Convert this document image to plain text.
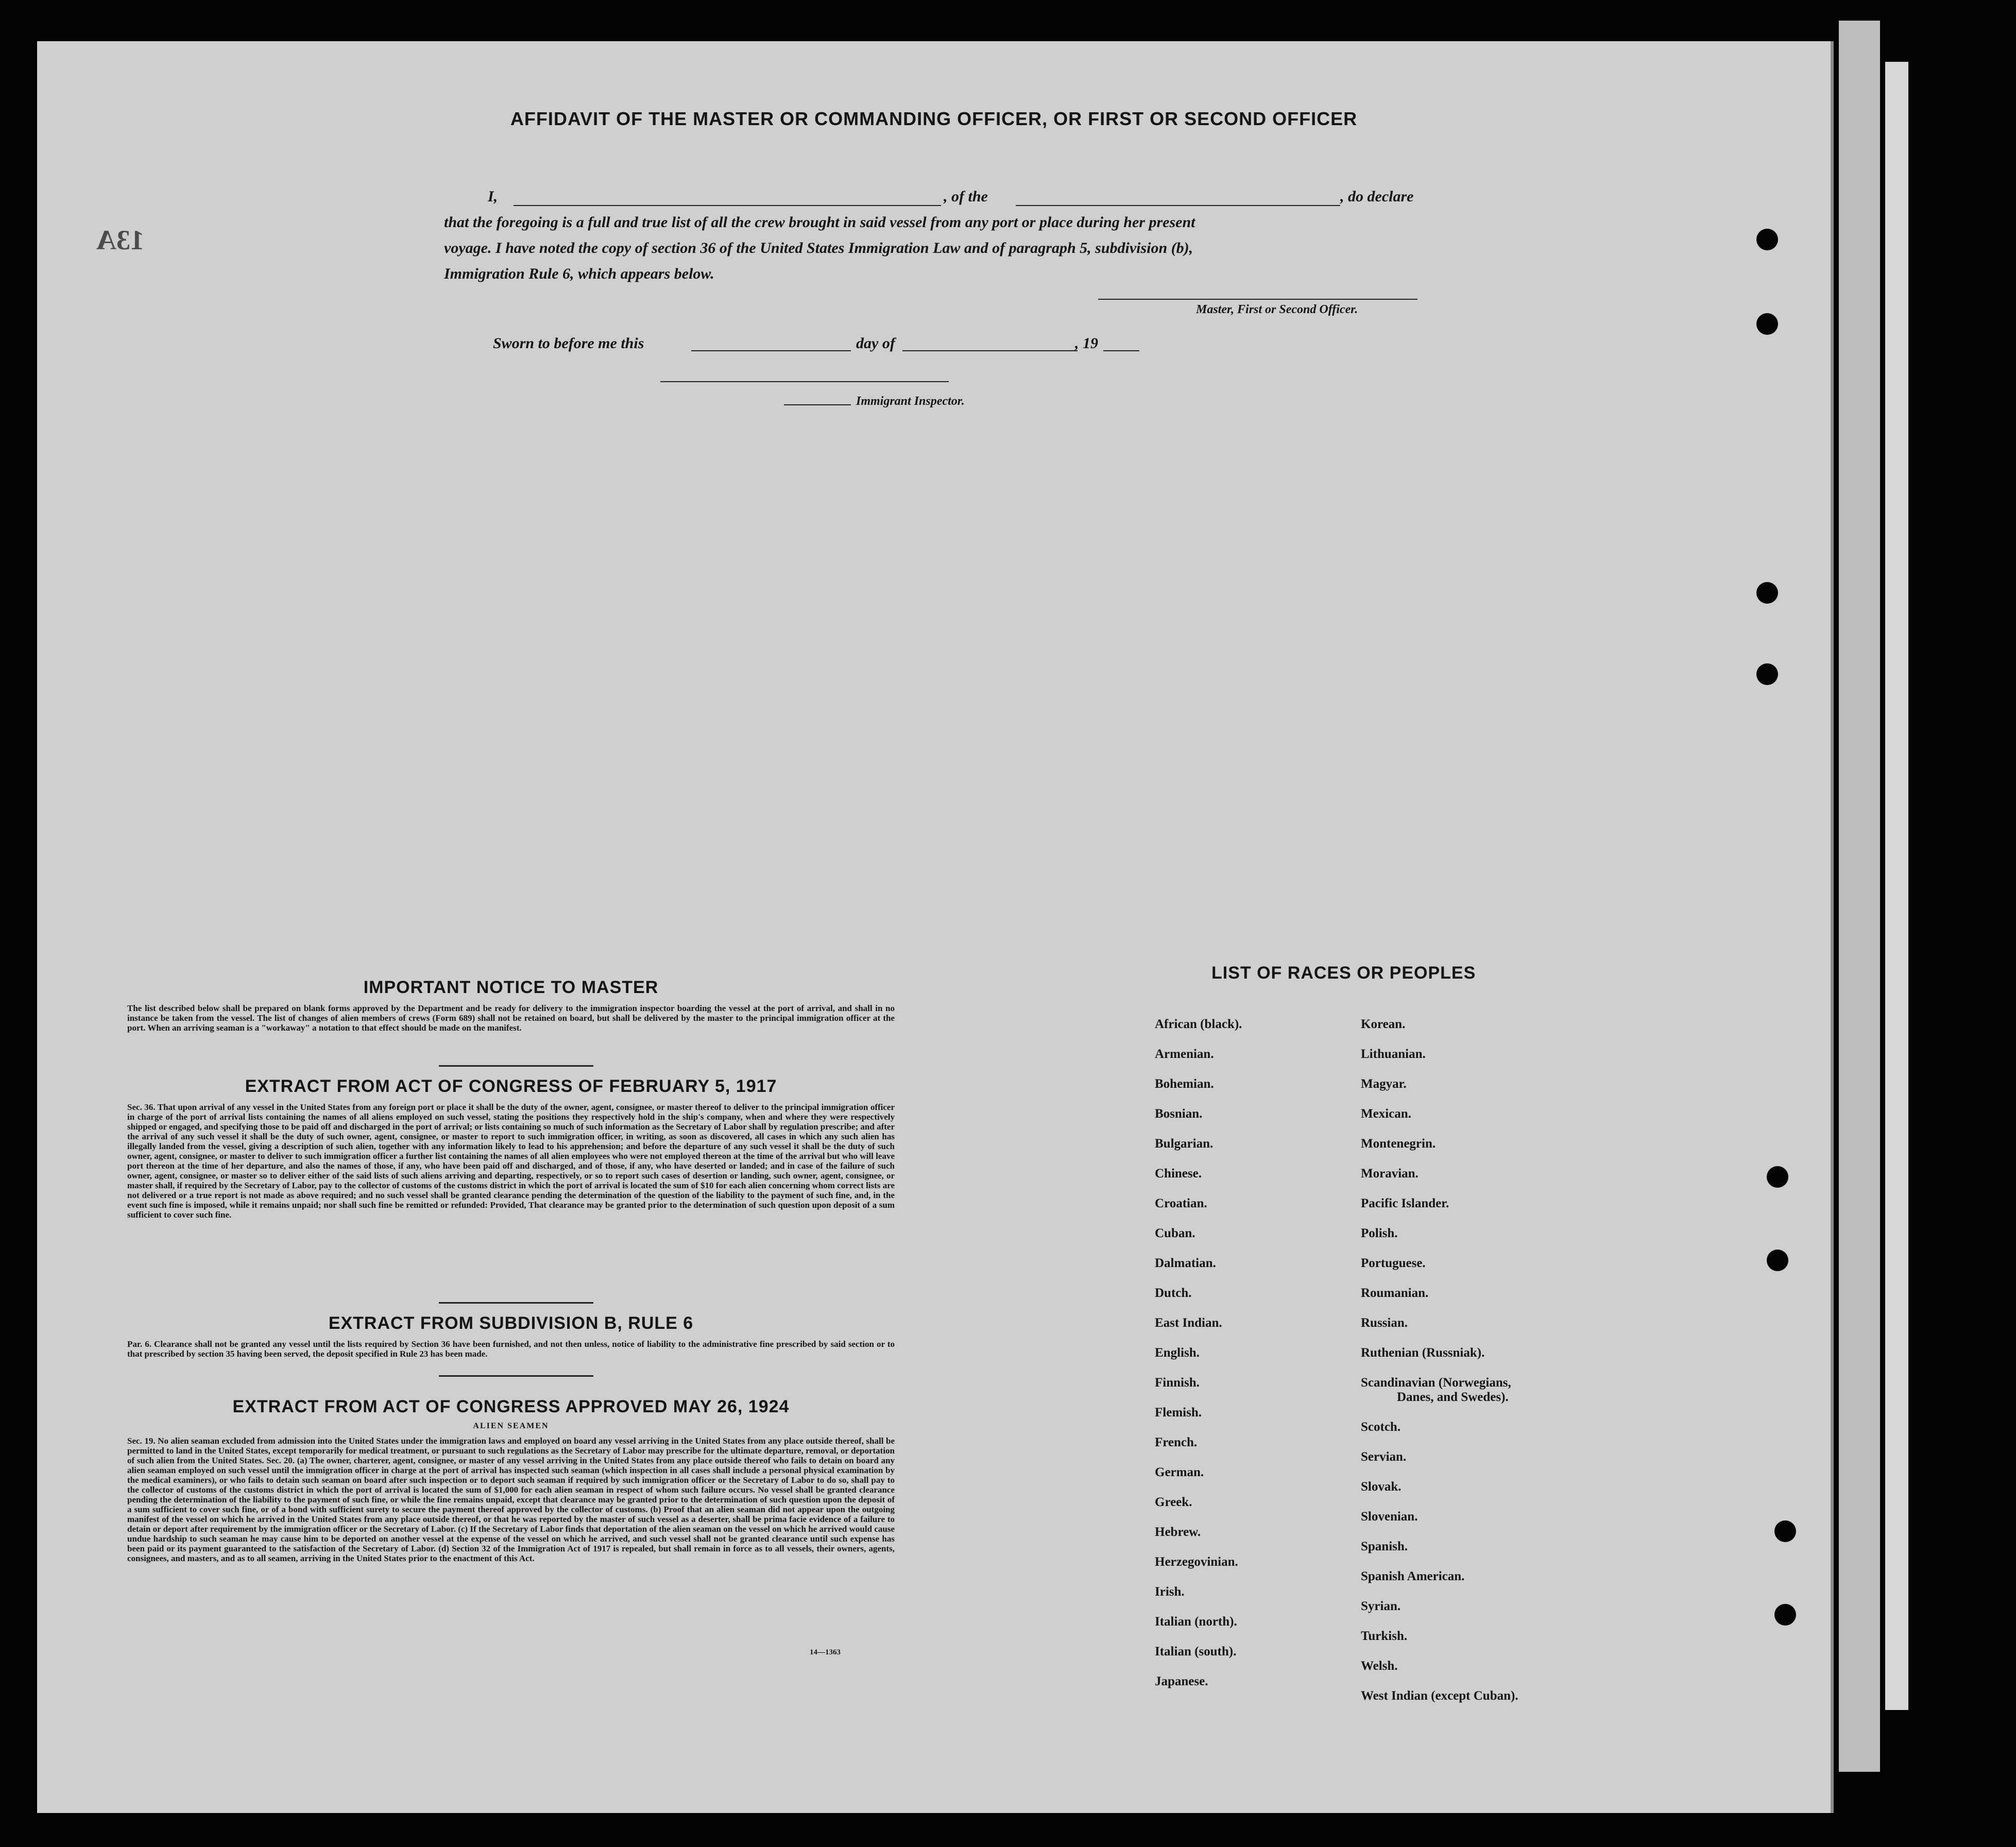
13A
AFFIDAVIT OF THE MASTER OR COMMANDING OFFICER, OR FIRST OR SECOND OFFICER
I,	, of the	, do declare
that the foregoing is a full and true list of all the crew brought in said vessel from any port or place during her present
voyage. I have noted the copy of section 36 of the United States Immigration Law and of paragraph 5, subdivision (b),
Immigration Rule 6, which appears below.
Master, First or Second Officer.
Sworn to before me this	day of	, 19
Immigrant Inspector.
IMPORTANT NOTICE TO MASTER
The list described below shall be prepared on blank forms approved by the Department and be ready for delivery to the immigration inspector boarding the vessel at the port of arrival, and shall in no instance be taken from the vessel. The list of changes of alien members of crews (Form 689) shall not be retained on board, but shall be delivered by the master to the principal immigration officer at the port. When an arriving seaman is a "workaway" a notation to that effect should be made on the manifest.
EXTRACT FROM ACT OF CONGRESS OF FEBRUARY 5, 1917
Sec. 36. That upon arrival of any vessel in the United States from any foreign port or place it shall be the duty of the owner, agent, consignee, or master thereof to deliver to the principal immigration officer in charge of the port of arrival lists containing the names of all aliens employed on such vessel, stating the positions they respectively hold in the ship's company, when and where they were respectively shipped or engaged, and specifying those to be paid off and discharged in the port of arrival; or lists containing so much of such information as the Secretary of Labor shall by regulation prescribe; and after the arrival of any such vessel it shall be the duty of such owner, agent, consignee, or master to report to such immigration officer, in writing, as soon as discovered, all cases in which any such alien has illegally landed from the vessel, giving a description of such alien, together with any information likely to lead to his apprehension; and before the departure of any such vessel it shall be the duty of such owner, agent, consignee, or master to deliver to such immigration officer a further list containing the names of all alien employees who were not employed thereon at the time of the arrival but who will leave port thereon at the time of her departure, and also the names of those, if any, who have been paid off and discharged, and of those, if any, who have deserted or landed; and in case of the failure of such owner, agent, consignee, or master so to deliver either of the said lists of such aliens arriving and departing, respectively, or so to report such cases of desertion or landing, such owner, agent, consignee, or master shall, if required by the Secretary of Labor, pay to the collector of customs of the customs district in which the port of arrival is located the sum of $10 for each alien concerning whom correct lists are not delivered or a true report is not made as above required; and no such vessel shall be granted clearance pending the determination of the question of the liability to the payment of such fine, and, in the event such fine is imposed, while it remains unpaid; nor shall such fine be remitted or refunded: Provided, That clearance may be granted prior to the determination of such question upon deposit of a sum sufficient to cover such fine.
EXTRACT FROM SUBDIVISION B, RULE 6
Par. 6. Clearance shall not be granted any vessel until the lists required by Section 36 have been furnished, and not then unless, notice of liability to the administrative fine prescribed by said section or to that prescribed by section 35 having been served, the deposit specified in Rule 23 has been made.
EXTRACT FROM ACT OF CONGRESS APPROVED MAY 26, 1924
ALIEN SEAMEN
Sec. 19. No alien seaman excluded from admission into the United States under the immigration laws and employed on board any vessel arriving in the United States from any place outside thereof, shall be permitted to land in the United States, except temporarily for medical treatment, or pursuant to such regulations as the Secretary of Labor may prescribe for the ultimate departure, removal, or deportation of such alien from the United States. Sec. 20. (a) The owner, charterer, agent, consignee, or master of any vessel arriving in the United States from any place outside thereof who fails to detain on board any alien seaman employed on such vessel until the immigration officer in charge at the port of arrival has inspected such seaman (which inspection in all cases shall include a personal physical examination by the medical examiners), or who fails to detain such seaman on board after such inspection or to deport such seaman if required by such immigration officer or the Secretary of Labor to do so, shall pay to the collector of customs of the customs district in which the port of arrival is located the sum of $1,000 for each alien seaman in respect of whom such failure occurs. No vessel shall be granted clearance pending the determination of the liability to the payment of such fine, or while the fine remains unpaid, except that clearance may be granted prior to the determination of such question upon the deposit of a sum sufficient to cover such fine, or of a bond with sufficient surety to secure the payment thereof approved by the collector of customs. (b) Proof that an alien seaman did not appear upon the outgoing manifest of the vessel on which he arrived in the United States from any place outside thereof, or that he was reported by the master of such vessel as a deserter, shall be prima facie evidence of a failure to detain or deport after requirement by the immigration officer or the Secretary of Labor. (c) If the Secretary of Labor finds that deportation of the alien seaman on the vessel on which he arrived would cause undue hardship to such seaman he may cause him to be deported on another vessel at the expense of the vessel on which he arrived, and such vessel shall not be granted clearance until such expense has been paid or its payment guaranteed to the satisfaction of the Secretary of Labor. (d) Section 32 of the Immigration Act of 1917 is repealed, but shall remain in force as to all vessels, their owners, agents, consignees, and masters, and as to all seamen, arriving in the United States prior to the enactment of this Act.
14—1363
LIST OF RACES OR PEOPLES
African (black).
Armenian.
Bohemian.
Bosnian.
Bulgarian.
Chinese.
Croatian.
Cuban.
Dalmatian.
Dutch.
East Indian.
English.
Finnish.
Flemish.
French.
German.
Greek.
Hebrew.
Herzegovinian.
Irish.
Italian (north).
Italian (south).
Japanese.
Korean.
Lithuanian.
Magyar.
Mexican.
Montenegrin.
Moravian.
Pacific Islander.
Polish.
Portuguese.
Roumanian.
Russian.
Ruthenian (Russniak).
Scandinavian (Norwegians,
Danes, and Swedes).
Scotch.
Servian.
Slovak.
Slovenian.
Spanish.
Spanish American.
Syrian.
Turkish.
Welsh.
West Indian (except Cuban).
